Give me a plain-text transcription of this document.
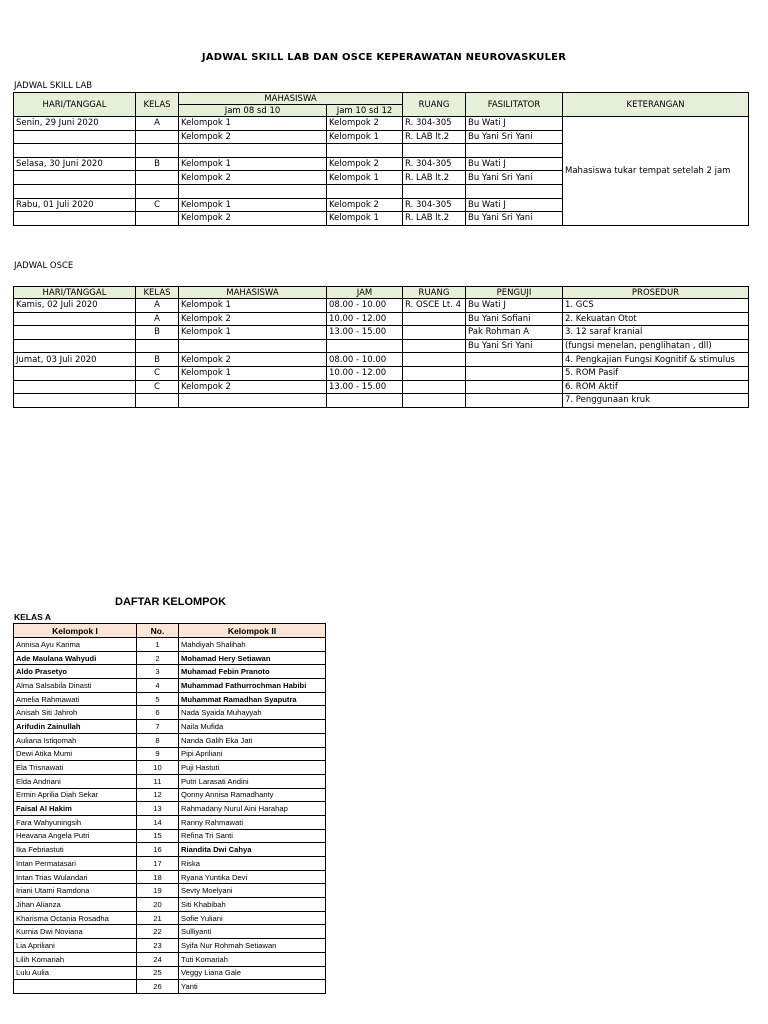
JADWAL SKILL LAB DAN OSCE KEPERAWATAN NEUROVASKULER
JADWAL SKILL LAB
HARI/TANGGAL	KELAS	MAHASISWA		RUANG	FASILITATOR	KETERANGAN
		Jam 08 sd 10	Jam 10 sd 12			
Senin, 29 Juni 2020	A	Kelompok 1	Kelompok 2	R. 304-305	Bu Wati J	Mahasiswa tukar tempat setelah 2 jam
		Kelompok 2	Kelompok 1	R. LAB lt.2	Bu Yani Sri Yani	

Selasa, 30 Juni 2020	B	Kelompok 1	Kelompok 2	R. 304-305	Bu Wati J	
		Kelompok 2	Kelompok 1	R. LAB lt.2	Bu Yani Sri Yani	

Rabu, 01 Juli 2020	C	Kelompok 1	Kelompok 2	R. 304-305	Bu Wati J	
		Kelompok 2	Kelompok 1	R. LAB lt.2	Bu Yani Sri Yani	
JADWAL OSCE
HARI/TANGGAL	KELAS	MAHASISWA	JAM	RUANG	PENGUJI	PROSEDUR
Kamis, 02 Juli 2020	A	Kelompok 1	08.00 - 10.00	R. OSCE Lt. 4	Bu Wati J	1. GCS
	A	Kelompok 2	10.00 - 12.00		Bu Yani Sofiani	2. Kekuatan Otot
	B	Kelompok 1	13.00 - 15.00		Pak Rohman A	3. 12 saraf kranial
					Bu Yani Sri Yani	(fungsi menelan, penglihatan , dll)
Jumat, 03 Juli 2020	B	Kelompok 2	08.00 - 10.00			4. Pengkajian Fungsi Kognitif & stimulus
	C	Kelompok 1	10.00 - 12.00			5. ROM Pasif
	C	Kelompok 2	13.00 - 15.00			6. ROM Aktif
						7. Penggunaan kruk
DAFTAR KELOMPOK
KELAS A
Kelompok I	No.	Kelompok II
Annisa Ayu Karima	1	Mahdiyah Shalihah
Ade Maulana Wahyudi	2	Mohamad Hery Setiawan
Aldo Prasetyo	3	Muhamad Febin Pranoto
Alma Salsabila Dinasti	4	Muhammad Fathurrochman Habibi
Amelia Rahmawati	5	Muhammat Ramadhan Syaputra
Anisah Siti Jahroh	6	Nada Syaida Muhayyah
Arifudin Zainullah	7	Naila Mufida
Auliana Istiqomah	8	Nanda Galih Eka Jati
Dewi Atika Mumi	9	Pipi Apriliani
Ela Trisnawati	10	Puji Hastuti
Elda Andriani	11	Putri Larasati Andini
Ermin Aprilia Diah Sekar	12	Qonny Annisa Ramadhanty
Faisal Al Hakim	13	Rahmadany Nurul Aini Harahap
Fara Wahyuningsih	14	Ranny Rahmawati
Heavana Angela Putri	15	Refina Tri Santi
Ika Febriastuti	16	Riandita Dwi Cahya
Intan Permatasari	17	Riska
Intan Trias Wulandari	18	Ryana Yuntika Devi
Iriani Utami Ramdona	19	Sevty Moelyani
Jihan Alianza	20	Siti Khabibah
Kharisma Octania Rosadha	21	Sofie Yuliani
Kurnia Dwi Noviana	22	Sulliyanti
Lia Apriliani	23	Syifa Nur Rohmah Setiawan
Lilih Komariah	24	Tuti Komariah
Lulu Aulia	25	Veggy Liana Gale
	26	Yanti
